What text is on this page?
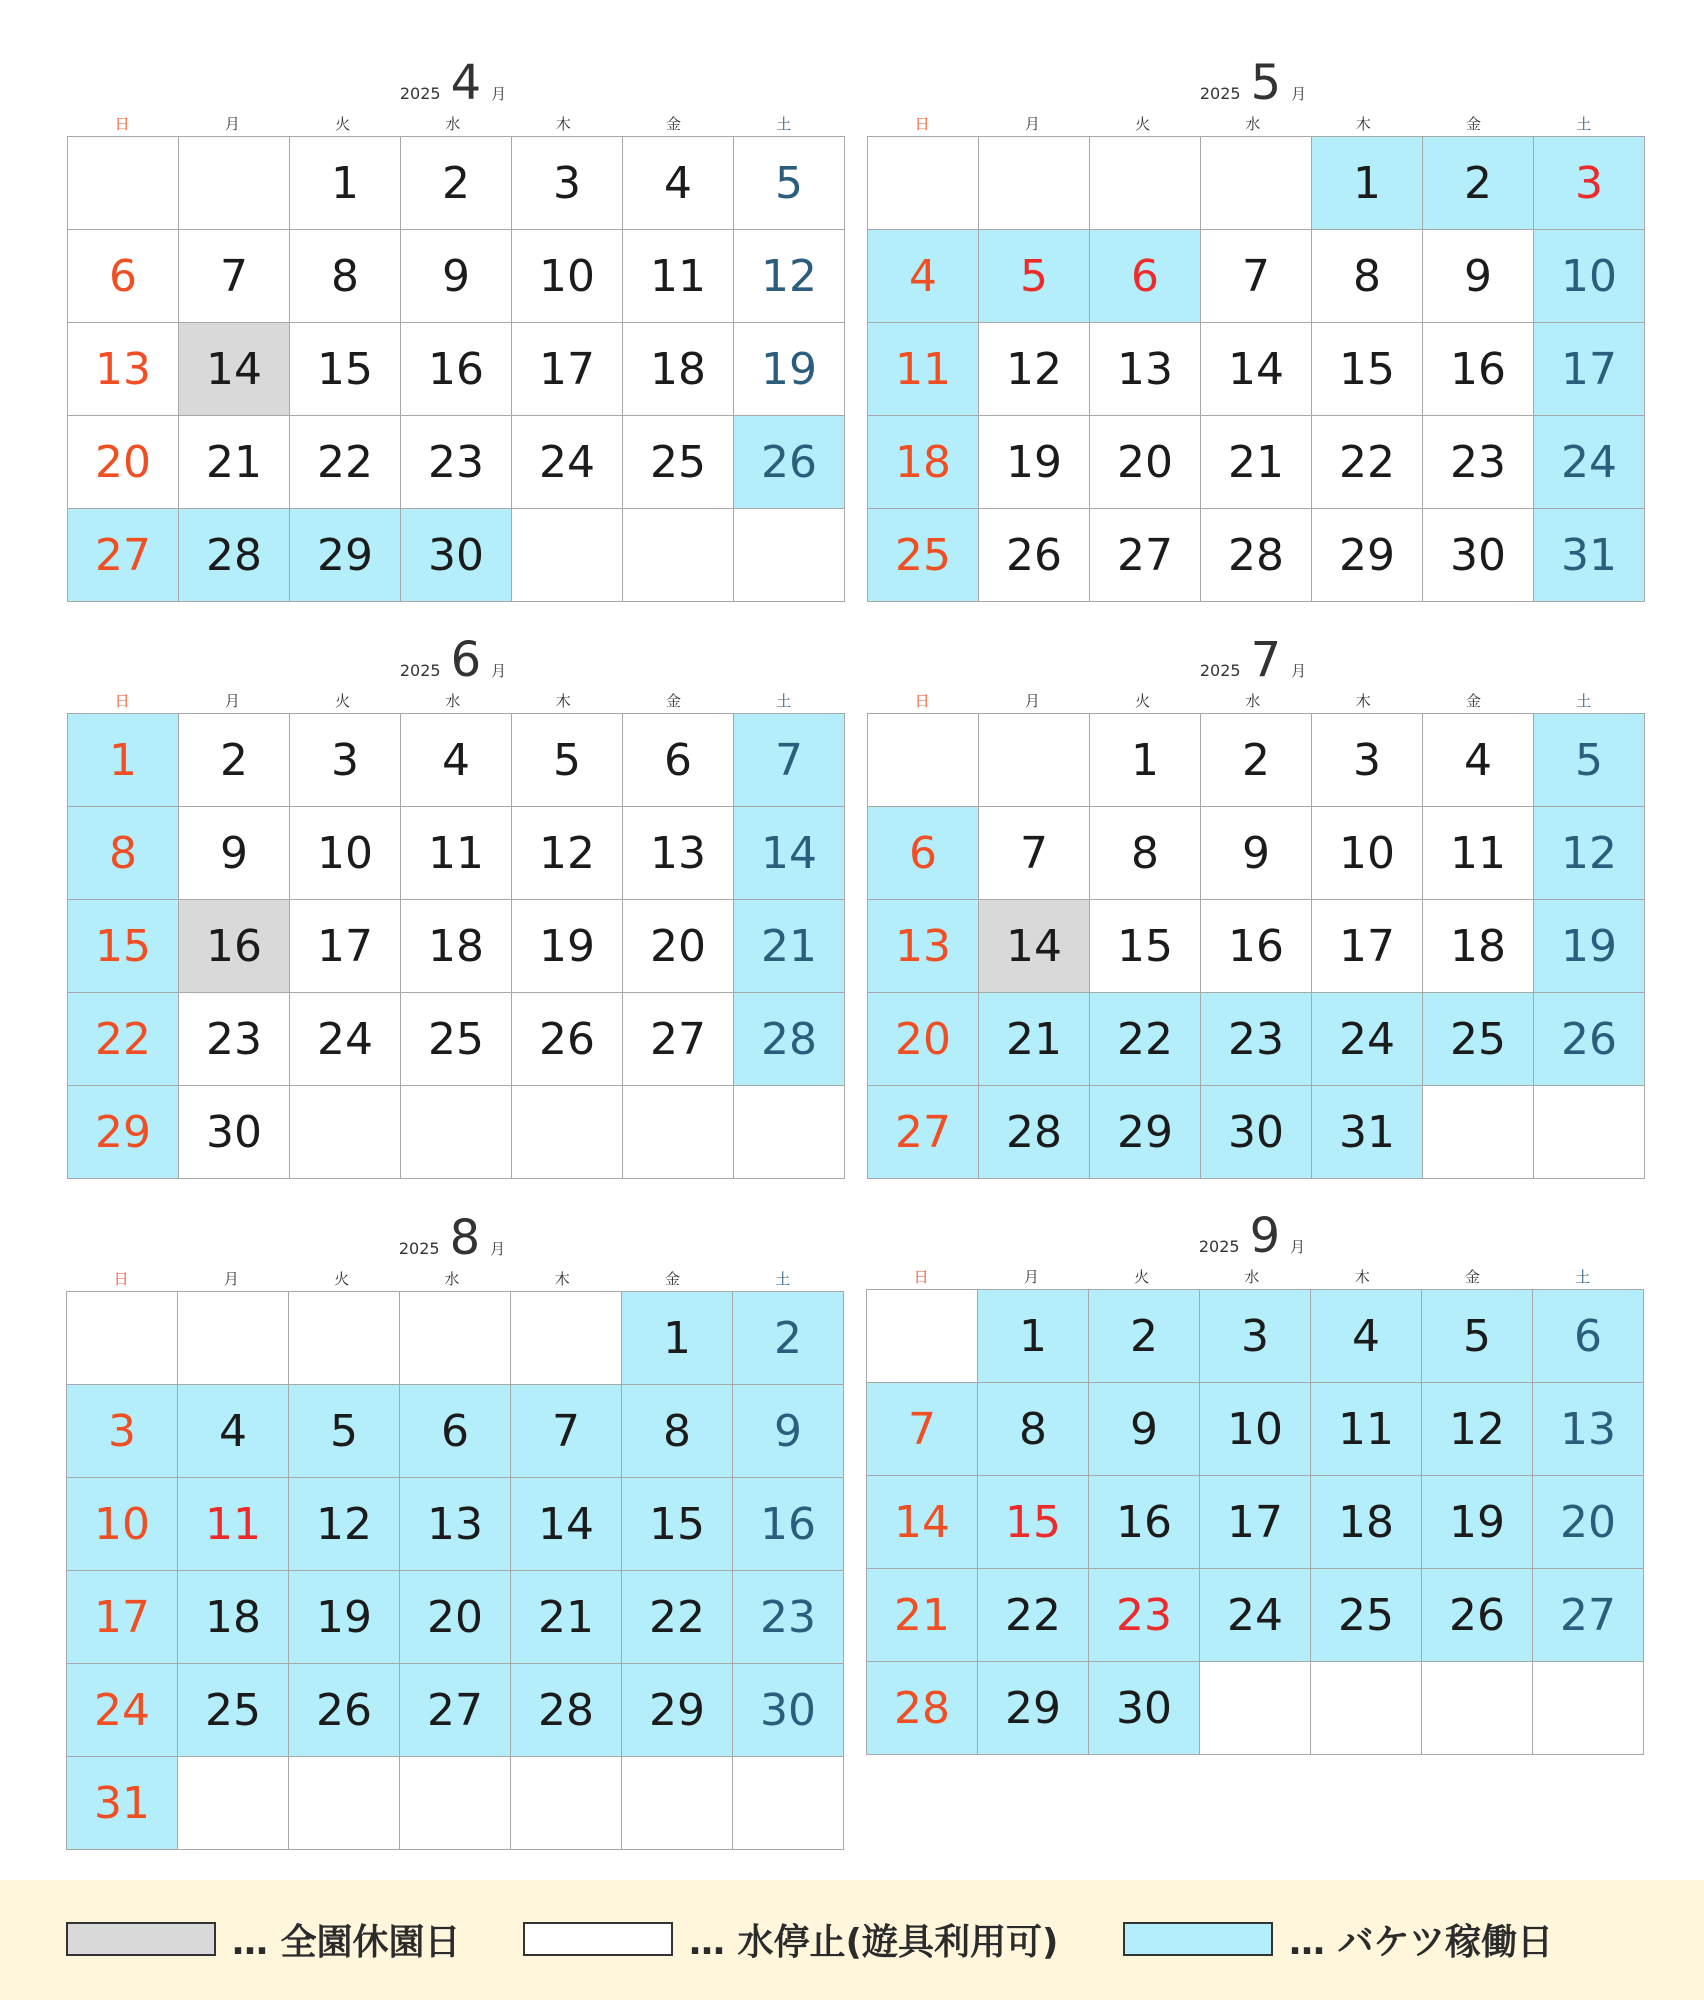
2025 4 月
日	月	火	水	木	金	土
		1	2	3	4	5
6	7	8	9	10	11	12
13	14	15	16	17	18	19
20	21	22	23	24	25	26
27	28	29	30			
2025 5 月
日	月	火	水	木	金	土
				1	2	3
4	5	6	7	8	9	10
11	12	13	14	15	16	17
18	19	20	21	22	23	24
25	26	27	28	29	30	31
2025 6 月
日	月	火	水	木	金	土
1	2	3	4	5	6	7
8	9	10	11	12	13	14
15	16	17	18	19	20	21
22	23	24	25	26	27	28
29	30					
2025 7 月
日	月	火	水	木	金	土
		1	2	3	4	5
6	7	8	9	10	11	12
13	14	15	16	17	18	19
20	21	22	23	24	25	26
27	28	29	30	31		
2025 8 月
日	月	火	水	木	金	土
					1	2
3	4	5	6	7	8	9
10	11	12	13	14	15	16
17	18	19	20	21	22	23
24	25	26	27	28	29	30
31						
2025 9 月
日	月	火	水	木	金	土
	1	2	3	4	5	6
7	8	9	10	11	12	13
14	15	16	17	18	19	20
21	22	23	24	25	26	27
28	29	30				
… 全園休園日	… 水停止(遊具利用可)	… バケツ稼働日
